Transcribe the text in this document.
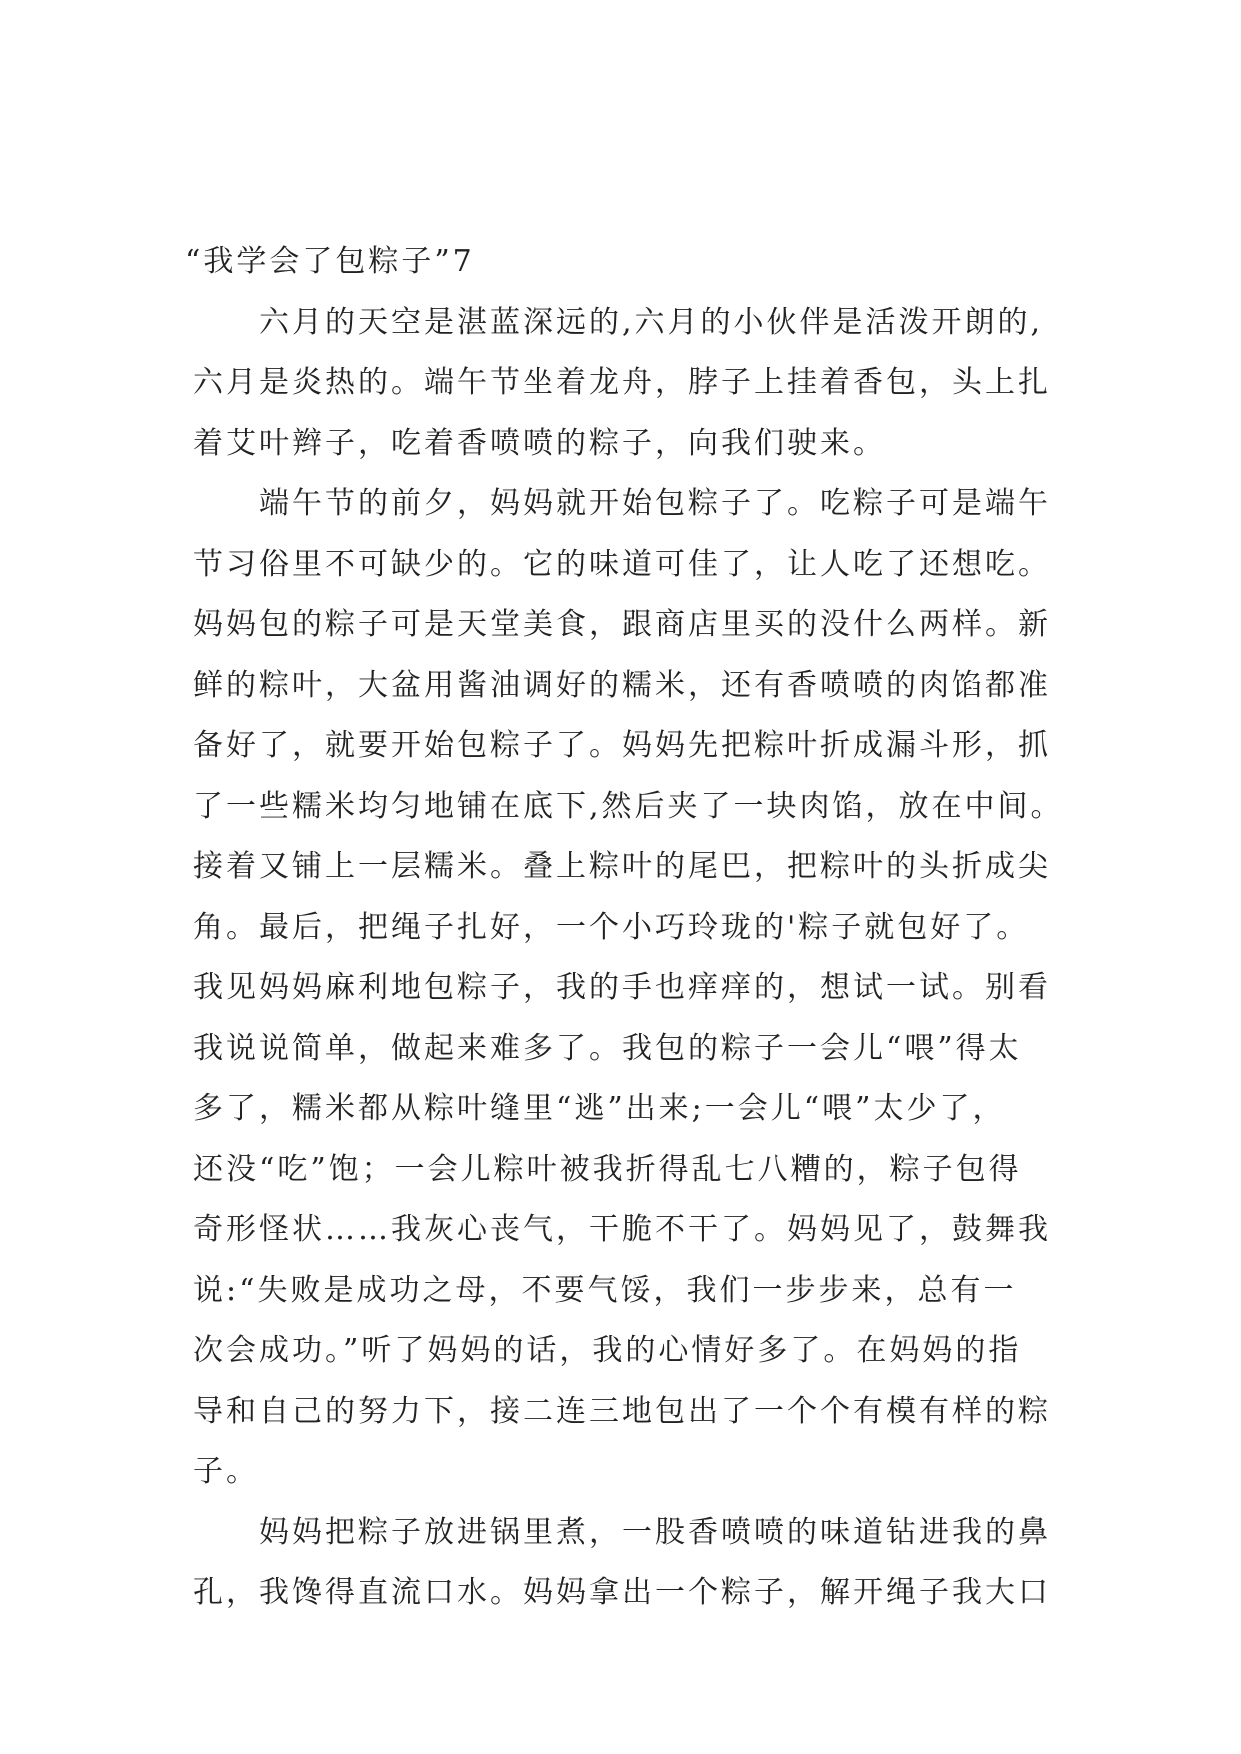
“我学会了包粽子”7
六月的天空是湛蓝深远的,六月的小伙伴是活泼开朗的,
六月是炎热的。端午节坐着龙舟，脖子上挂着香包，头上扎
着艾叶辫子，吃着香喷喷的粽子，向我们驶来。
端午节的前夕，妈妈就开始包粽子了。吃粽子可是端午
节习俗里不可缺少的。它的味道可佳了，让人吃了还想吃。
妈妈包的粽子可是天堂美食，跟商店里买的没什么两样。新
鲜的粽叶，大盆用酱油调好的糯米，还有香喷喷的肉馅都准
备好了，就要开始包粽子了。妈妈先把粽叶折成漏斗形，抓
了一些糯米均匀地铺在底下,然后夹了一块肉馅，放在中间。
接着又铺上一层糯米。叠上粽叶的尾巴，把粽叶的头折成尖
角。最后，把绳子扎好，一个小巧玲珑的'粽子就包好了。
我见妈妈麻利地包粽子，我的手也痒痒的，想试一试。别看
我说说简单，做起来难多了。我包的粽子一会儿“喂”得太
多了，糯米都从粽叶缝里“逃”出来;一会儿“喂”太少了，
还没“吃”饱；一会儿粽叶被我折得乱七八糟的，粽子包得
奇形怪状……我灰心丧气，干脆不干了。妈妈见了，鼓舞我
说:“失败是成功之母，不要气馁，我们一步步来，总有一
次会成功。”听了妈妈的话，我的心情好多了。在妈妈的指
导和自己的努力下，接二连三地包出了一个个有模有样的粽
子。
妈妈把粽子放进锅里煮，一股香喷喷的味道钻进我的鼻
孔，我馋得直流口水。妈妈拿出一个粽子，解开绳子我大口
